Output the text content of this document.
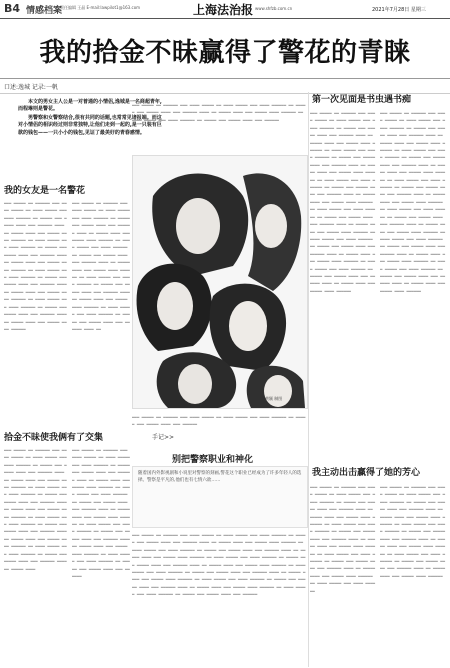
B4 情感档案
责任编辑 王晶 E-mail:lawpilot1@163.com	上海法治报 www.shfzb.com.cn	2021年7月28日 星期三
我的拾金不昧赢得了警花的青睐
口述:逸城 记录:一帆

本文的男女主人公是一对普通的小情侣,逸城是一名商超青年,而程琳则是警花。

男警察和女警察结合,很有共同的话题,也常常见诸报端。而这对小情侣的相识经过则非常独特,让他们走到一起的,是一只装有巨款的钱包——一只小小的钱包,见证了最美好的青春感情。

我的女友是一名警花
▂▂▂ ▂▂▂▂▂ ▂▂ ▂▂▂▂▂▂ ▂▂▂ ▂▂▂▂ ▂▂▂▂▂ ▂▂ ▂▂▂▂ ▂▂▂▂▂ ▂▂▂ ▂▂▂▂ ▂▂▂▂▂▂ ▂▂ ▂▂▂▂▂ ▂▂▂ ▂▂▂▂▂ ▂▂▂▂ ▂▂▂ ▂▂▂▂▂▂ ▂▂▂▂ ▂▂ ▂▂▂▂▂ ▂▂▂▂ ▂▂▂ ▂▂▂▂▂ ▂▂▂▂ ▂▂▂▂▂▂ ▂▂ ▂▂▂▂ ▂▂▂▂▂ ▂▂▂ ▂▂▂▂ ▂▂▂▂▂▂ ▂▂ ▂▂▂▂▂ ▂▂▂ ▂▂▂▂▂ ▂▂▂▂ ▂▂▂ ▂▂▂▂▂▂ ▂▂▂▂ ▂▂ ▂▂▂▂▂ ▂▂▂▂ ▂▂▂ ▂▂▂▂▂ ▂▂▂▂ ▂▂▂▂▂▂ ▂▂ ▂▂▂▂ ▂▂▂▂▂ ▂▂▂ ▂▂▂▂ ▂▂▂▂▂▂ ▂▂ ▂▂▂▂▂ ▂▂▂ ▂▂▂▂▂ ▂▂▂▂ ▂▂▂ ▂▂▂▂▂▂ ▂▂▂▂ ▂▂ ▂▂▂▂▂ ▂▂▂▂ ▂▂▂ ▂▂▂▂▂ ▂▂▂▂ ▂▂▂▂▂▂ ▂▂ ▂▂▂▂ ▂▂▂▂▂ ▂▂▂ ▂▂▂▂ ▂▂▂▂▂▂ ▂▂ ▂▂▂▂▂ ▂▂▂ ▂▂▂▂▂ ▂▂▂▂ ▂▂▂ ▂▂▂▂▂▂ ▂▂▂▂ ▂▂ ▂▂▂▂▂ ▂▂▂▂ ▂▂▂ ▂▂▂▂▂ ▂▂▂▂ ▂▂▂▂▂▂
▂▂▂ ▂▂▂▂▂ ▂▂ ▂▂▂▂▂▂ ▂▂▂ ▂▂▂▂ ▂▂▂▂▂ ▂▂ ▂▂▂▂ ▂▂▂▂▂ ▂▂▂ ▂▂▂▂ ▂▂▂▂▂▂ ▂▂ ▂▂▂▂▂ ▂▂▂ ▂▂▂▂▂ ▂▂▂▂ ▂▂▂ ▂▂▂▂▂▂ ▂▂▂▂ ▂▂ ▂▂▂▂▂ ▂▂▂▂ ▂▂▂ ▂▂▂▂▂ ▂▂▂▂ ▂▂▂▂▂▂ ▂▂ ▂▂▂▂ ▂▂▂▂▂ ▂▂▂ ▂▂▂▂ ▂▂▂▂▂▂ ▂▂ ▂▂▂▂▂ ▂▂▂ ▂▂▂▂▂ ▂▂▂▂ ▂▂▂ ▂▂▂▂▂▂ ▂▂▂▂ ▂▂ ▂▂▂▂▂ ▂▂▂▂ ▂▂▂ ▂▂▂▂▂ ▂▂▂▂ ▂▂▂▂▂▂ ▂▂ ▂▂▂▂ ▂▂▂▂▂ ▂▂▂ ▂▂▂▂ ▂▂▂▂▂▂ ▂▂ ▂▂▂▂▂ ▂▂▂ ▂▂▂▂▂ ▂▂▂▂ ▂▂▂ ▂▂▂▂▂▂ ▂▂▂▂ ▂▂ ▂▂▂▂▂ ▂▂▂▂ ▂▂▂ ▂▂▂▂▂ ▂▂▂▂ ▂▂▂▂▂▂ ▂▂ ▂▂▂▂ ▂▂▂▂▂ ▂▂▂ ▂▂▂▂ ▂▂▂▂▂▂ ▂▂ ▂▂▂▂▂ ▂▂▂ ▂▂▂▂▂ ▂▂▂▂ ▂▂▂ ▂▂▂▂▂▂ ▂▂▂▂ ▂▂
▂▂▂ ▂▂▂▂▂ ▂▂ ▂▂▂▂▂▂ ▂▂▂ ▂▂▂▂ ▂▂▂▂▂ ▂▂ ▂▂▂▂ ▂▂▂▂▂ ▂▂▂ ▂▂▂▂ ▂▂▂▂▂▂ ▂▂ ▂▂▂▂▂ ▂▂▂ ▂▂▂▂▂ ▂▂▂▂ ▂▂▂ ▂▂▂▂▂▂ ▂▂▂▂ ▂▂ ▂▂▂▂▂ ▂▂▂▂ ▂▂▂ ▂▂▂▂▂ ▂▂▂▂ ▂▂▂▂▂▂ ▂▂ ▂▂▂▂ ▂▂▂▂▂ ▂▂▂ ▂▂▂▂ ▂▂▂▂▂▂ ▂▂ ▂▂▂▂▂ ▂▂▂ ▂▂▂▂▂ ▂▂▂▂ ▂▂▂ ▂▂▂▂▂▂
拾金不昧使我俩有了交集
▂▂▂ ▂▂▂▂▂ ▂▂ ▂▂▂▂▂▂ ▂▂▂ ▂▂▂▂ ▂▂▂▂▂ ▂▂ ▂▂▂▂ ▂▂▂▂▂ ▂▂▂ ▂▂▂▂ ▂▂▂▂▂▂ ▂▂ ▂▂▂▂▂ ▂▂▂ ▂▂▂▂▂ ▂▂▂▂ ▂▂▂ ▂▂▂▂▂▂ ▂▂▂▂ ▂▂ ▂▂▂▂▂ ▂▂▂▂ ▂▂▂ ▂▂▂▂▂ ▂▂▂▂ ▂▂▂▂▂▂ ▂▂ ▂▂▂▂ ▂▂▂▂▂ ▂▂▂ ▂▂▂▂ ▂▂▂▂▂▂ ▂▂ ▂▂▂▂▂ ▂▂▂ ▂▂▂▂▂ ▂▂▂▂ ▂▂▂ ▂▂▂▂▂▂ ▂▂▂▂ ▂▂ ▂▂▂▂▂ ▂▂▂▂ ▂▂▂ ▂▂▂▂▂ ▂▂▂▂ ▂▂▂▂▂▂ ▂▂ ▂▂▂▂ ▂▂▂▂▂ ▂▂▂ ▂▂▂▂ ▂▂▂▂▂▂ ▂▂ ▂▂▂▂▂ ▂▂▂ ▂▂▂▂▂ ▂▂▂▂ ▂▂▂ ▂▂▂▂▂▂ ▂▂▂▂ ▂▂ ▂▂▂▂▂ ▂▂▂▂ ▂▂▂ ▂▂▂▂▂ ▂▂▂▂ ▂▂▂▂▂▂ ▂▂ ▂▂▂▂ ▂▂▂▂▂ ▂▂▂ ▂▂▂▂ ▂▂▂▂▂▂ ▂▂ ▂▂▂▂▂ ▂▂▂ ▂▂▂▂▂ ▂▂▂▂ ▂▂▂ ▂▂▂▂▂▂ ▂▂▂▂ ▂▂ ▂▂▂▂▂ ▂▂▂▂
▂▂▂ ▂▂▂▂▂ ▂▂ ▂▂▂▂▂▂ ▂▂▂ ▂▂▂▂ ▂▂▂▂▂ ▂▂ ▂▂▂▂ ▂▂▂▂▂ ▂▂▂ ▂▂▂▂ ▂▂▂▂▂▂ ▂▂ ▂▂▂▂▂ ▂▂▂ ▂▂▂▂▂ ▂▂▂▂ ▂▂▂ ▂▂▂▂▂▂ ▂▂▂▂ ▂▂ ▂▂▂▂▂ ▂▂▂▂ ▂▂▂ ▂▂▂▂▂ ▂▂▂▂ ▂▂▂▂▂▂ ▂▂ ▂▂▂▂ ▂▂▂▂▂ ▂▂▂ ▂▂▂▂ ▂▂▂▂▂▂ ▂▂ ▂▂▂▂▂ ▂▂▂ ▂▂▂▂▂ ▂▂▂▂ ▂▂▂ ▂▂▂▂▂▂ ▂▂▂▂ ▂▂ ▂▂▂▂▂ ▂▂▂▂ ▂▂▂ ▂▂▂▂▂ ▂▂▂▂ ▂▂▂▂▂▂ ▂▂ ▂▂▂▂ ▂▂▂▂▂ ▂▂▂ ▂▂▂▂ ▂▂▂▂▂▂ ▂▂ ▂▂▂▂▂ ▂▂▂ ▂▂▂▂▂ ▂▂▂▂ ▂▂▂ ▂▂▂▂▂▂ ▂▂▂▂ ▂▂ ▂▂▂▂▂ ▂▂▂▂ ▂▂▂ ▂▂▂▂▂ ▂▂▂▂ ▂▂▂▂▂▂ ▂▂ ▂▂▂▂ ▂▂▂▂▂ ▂▂▂ ▂▂▂▂ ▂▂▂▂▂▂ ▂▂ ▂▂▂▂▂ ▂▂▂ ▂▂▂▂▂ ▂▂▂▂ ▂▂▂ ▂▂▂▂▂▂
黄颖 制图
▂▂▂ ▂▂▂▂▂ ▂▂ ▂▂▂▂▂▂ ▂▂▂ ▂▂▂▂ ▂▂▂▂▂ ▂▂ ▂▂▂▂ ▂▂▂▂▂ ▂▂▂ ▂▂▂▂ ▂▂▂▂▂▂ ▂▂ ▂▂▂▂▂ ▂▂▂ ▂▂▂▂▂ ▂▂▂▂ ▂▂▂ ▂▂▂▂▂▂
手记>>
别把警察职业和神化
随着国内外影视剧和小说里对警察的刻画,警花这个职业已经成为了许多年轻人的选择。警察是平凡的,他们也有七情六欲……
▂▂▂ ▂▂▂▂▂ ▂▂ ▂▂▂▂▂▂ ▂▂▂ ▂▂▂▂ ▂▂▂▂▂ ▂▂ ▂▂▂▂ ▂▂▂▂▂ ▂▂▂ ▂▂▂▂ ▂▂▂▂▂▂ ▂▂ ▂▂▂▂▂ ▂▂▂ ▂▂▂▂▂ ▂▂▂▂ ▂▂▂ ▂▂▂▂▂▂ ▂▂▂▂ ▂▂ ▂▂▂▂▂ ▂▂▂▂ ▂▂▂ ▂▂▂▂▂ ▂▂▂▂ ▂▂▂▂▂▂ ▂▂ ▂▂▂▂ ▂▂▂▂▂ ▂▂▂ ▂▂▂▂ ▂▂▂▂▂▂ ▂▂ ▂▂▂▂▂ ▂▂▂ ▂▂▂▂▂ ▂▂▂▂ ▂▂▂ ▂▂▂▂▂▂ ▂▂▂▂ ▂▂ ▂▂▂▂▂ ▂▂▂▂ ▂▂▂ ▂▂▂▂▂ ▂▂▂▂ ▂▂▂▂▂▂ ▂▂ ▂▂▂▂ ▂▂▂▂▂ ▂▂▂ ▂▂▂▂ ▂▂▂▂▂▂ ▂▂ ▂▂▂▂▂ ▂▂▂ ▂▂▂▂▂ ▂▂▂▂ ▂▂▂ ▂▂▂▂▂▂ ▂▂▂▂ ▂▂ ▂▂▂▂▂ ▂▂▂▂ ▂▂▂ ▂▂▂▂▂ ▂▂▂▂ ▂▂▂▂▂▂ ▂▂ ▂▂▂▂ ▂▂▂▂▂ ▂▂▂ ▂▂▂▂ ▂▂▂▂▂▂ ▂▂ ▂▂▂▂▂ ▂▂▂ ▂▂▂▂▂ ▂▂▂▂ ▂▂▂ ▂▂▂▂▂▂ ▂▂▂▂ ▂▂ ▂▂▂▂▂ ▂▂▂▂ ▂▂▂ ▂▂▂▂▂ ▂▂▂▂ ▂▂▂▂▂▂ ▂▂ ▂▂▂▂ ▂▂▂▂▂ ▂▂▂ ▂▂▂▂ ▂▂▂▂▂▂ ▂▂ ▂▂▂▂▂ ▂▂▂ ▂▂▂▂▂ ▂▂▂▂ ▂▂▂ ▂▂▂▂▂▂ ▂▂▂▂ ▂▂ ▂▂▂▂▂ ▂▂▂▂ ▂▂▂ ▂▂▂▂▂ ▂▂▂▂ ▂▂▂▂▂▂ ▂▂ ▂▂▂▂ ▂▂▂▂▂ ▂▂▂ ▂▂▂▂ ▂▂▂▂▂▂ ▂▂ ▂▂▂▂▂ ▂▂▂ ▂▂▂▂▂ ▂▂▂▂ ▂▂▂ ▂▂▂▂▂▂
第一次见面是书虫遇书痴
▂▂▂ ▂▂▂▂▂ ▂▂ ▂▂▂▂▂▂ ▂▂▂ ▂▂▂▂ ▂▂▂▂▂ ▂▂ ▂▂▂▂ ▂▂▂▂▂ ▂▂▂ ▂▂▂▂ ▂▂▂▂▂▂ ▂▂ ▂▂▂▂▂ ▂▂▂ ▂▂▂▂▂ ▂▂▂▂ ▂▂▂ ▂▂▂▂▂▂ ▂▂▂▂ ▂▂ ▂▂▂▂▂ ▂▂▂▂ ▂▂▂ ▂▂▂▂▂ ▂▂▂▂ ▂▂▂▂▂▂ ▂▂ ▂▂▂▂ ▂▂▂▂▂ ▂▂▂ ▂▂▂▂ ▂▂▂▂▂▂ ▂▂ ▂▂▂▂▂ ▂▂▂ ▂▂▂▂▂ ▂▂▂▂ ▂▂▂ ▂▂▂▂▂▂ ▂▂▂▂ ▂▂ ▂▂▂▂▂ ▂▂▂▂ ▂▂▂ ▂▂▂▂▂ ▂▂▂▂ ▂▂▂▂▂▂ ▂▂ ▂▂▂▂ ▂▂▂▂▂ ▂▂▂ ▂▂▂▂ ▂▂▂▂▂▂ ▂▂ ▂▂▂▂▂ ▂▂▂ ▂▂▂▂▂ ▂▂▂▂ ▂▂▂ ▂▂▂▂▂▂ ▂▂▂▂ ▂▂ ▂▂▂▂▂ ▂▂▂▂ ▂▂▂ ▂▂▂▂▂ ▂▂▂▂ ▂▂▂▂▂▂ ▂▂ ▂▂▂▂ ▂▂▂▂▂ ▂▂▂ ▂▂▂▂ ▂▂▂▂▂▂ ▂▂ ▂▂▂▂▂ ▂▂▂ ▂▂▂▂▂ ▂▂▂▂ ▂▂▂ ▂▂▂▂▂▂ ▂▂▂▂ ▂▂ ▂▂▂▂▂ ▂▂▂▂ ▂▂▂ ▂▂▂▂▂ ▂▂▂▂ ▂▂▂▂▂▂ ▂▂ ▂▂▂▂ ▂▂▂▂▂ ▂▂▂ ▂▂▂▂ ▂▂▂▂▂▂ ▂▂ ▂▂▂▂▂ ▂▂▂ ▂▂▂▂▂ ▂▂▂▂ ▂▂▂ ▂▂▂▂▂▂ ▂▂▂▂ ▂▂ ▂▂▂▂▂ ▂▂▂▂ ▂▂▂ ▂▂▂▂▂ ▂▂▂▂ ▂▂▂▂▂▂ ▂▂ ▂▂▂▂ ▂▂▂▂▂ ▂▂▂ ▂▂▂▂ ▂▂▂▂▂▂ ▂▂ ▂▂▂▂▂ ▂▂▂ ▂▂▂▂▂ ▂▂▂▂ ▂▂▂ ▂▂▂▂▂▂ ▂▂▂▂ ▂▂ ▂▂▂▂▂ ▂▂▂▂ ▂▂▂ ▂▂▂▂▂ ▂▂▂▂ ▂▂▂▂▂▂
▂▂▂ ▂▂▂▂▂ ▂▂ ▂▂▂▂▂▂ ▂▂▂ ▂▂▂▂ ▂▂▂▂▂ ▂▂ ▂▂▂▂ ▂▂▂▂▂ ▂▂▂ ▂▂▂▂ ▂▂▂▂▂▂ ▂▂ ▂▂▂▂▂ ▂▂▂ ▂▂▂▂▂ ▂▂▂▂ ▂▂▂ ▂▂▂▂▂▂ ▂▂▂▂ ▂▂ ▂▂▂▂▂ ▂▂▂▂ ▂▂▂ ▂▂▂▂▂ ▂▂▂▂ ▂▂▂▂▂▂ ▂▂ ▂▂▂▂ ▂▂▂▂▂ ▂▂▂ ▂▂▂▂ ▂▂▂▂▂▂ ▂▂ ▂▂▂▂▂ ▂▂▂ ▂▂▂▂▂ ▂▂▂▂ ▂▂▂ ▂▂▂▂▂▂ ▂▂▂▂ ▂▂ ▂▂▂▂▂ ▂▂▂▂ ▂▂▂ ▂▂▂▂▂ ▂▂▂▂ ▂▂▂▂▂▂ ▂▂ ▂▂▂▂ ▂▂▂▂▂ ▂▂▂ ▂▂▂▂ ▂▂▂▂▂▂ ▂▂ ▂▂▂▂▂ ▂▂▂ ▂▂▂▂▂ ▂▂▂▂ ▂▂▂ ▂▂▂▂▂▂ ▂▂▂▂ ▂▂ ▂▂▂▂▂ ▂▂▂▂ ▂▂▂ ▂▂▂▂▂ ▂▂▂▂ ▂▂▂▂▂▂ ▂▂ ▂▂▂▂ ▂▂▂▂▂ ▂▂▂ ▂▂▂▂ ▂▂▂▂▂▂ ▂▂ ▂▂▂▂▂ ▂▂▂ ▂▂▂▂▂ ▂▂▂▂ ▂▂▂ ▂▂▂▂▂▂ ▂▂▂▂ ▂▂ ▂▂▂▂▂ ▂▂▂▂ ▂▂▂ ▂▂▂▂▂ ▂▂▂▂ ▂▂▂▂▂▂ ▂▂ ▂▂▂▂ ▂▂▂▂▂ ▂▂▂ ▂▂▂▂ ▂▂▂▂▂▂ ▂▂ ▂▂▂▂▂ ▂▂▂ ▂▂▂▂▂ ▂▂▂▂ ▂▂▂ ▂▂▂▂▂▂ ▂▂▂▂ ▂▂ ▂▂▂▂▂ ▂▂▂▂ ▂▂▂ ▂▂▂▂▂ ▂▂▂▂ ▂▂▂▂▂▂ ▂▂ ▂▂▂▂ ▂▂▂▂▂ ▂▂▂ ▂▂▂▂ ▂▂▂▂▂▂ ▂▂ ▂▂▂▂▂ ▂▂▂ ▂▂▂▂▂ ▂▂▂▂ ▂▂▂ ▂▂▂▂▂▂ ▂▂▂▂ ▂▂ ▂▂▂▂▂ ▂▂▂▂ ▂▂▂ ▂▂▂▂▂ ▂▂▂▂ ▂▂▂▂▂▂
我主动出击赢得了她的芳心
▂▂▂ ▂▂▂▂▂ ▂▂ ▂▂▂▂▂▂ ▂▂▂ ▂▂▂▂ ▂▂▂▂▂ ▂▂ ▂▂▂▂ ▂▂▂▂▂ ▂▂▂ ▂▂▂▂ ▂▂▂▂▂▂ ▂▂ ▂▂▂▂▂ ▂▂▂ ▂▂▂▂▂ ▂▂▂▂ ▂▂▂ ▂▂▂▂▂▂ ▂▂▂▂ ▂▂ ▂▂▂▂▂ ▂▂▂▂ ▂▂▂ ▂▂▂▂▂ ▂▂▂▂ ▂▂▂▂▂▂ ▂▂ ▂▂▂▂ ▂▂▂▂▂ ▂▂▂ ▂▂▂▂ ▂▂▂▂▂▂ ▂▂ ▂▂▂▂▂ ▂▂▂ ▂▂▂▂▂ ▂▂▂▂ ▂▂▂ ▂▂▂▂▂▂ ▂▂▂▂ ▂▂ ▂▂▂▂▂ ▂▂▂▂ ▂▂▂ ▂▂▂▂▂ ▂▂▂▂ ▂▂▂▂▂▂ ▂▂ ▂▂▂▂ ▂▂▂▂▂ ▂▂▂ ▂▂▂▂ ▂▂▂▂▂▂ ▂▂ ▂▂▂▂▂ ▂▂▂ ▂▂▂▂▂ ▂▂▂▂ ▂▂▂ ▂▂▂▂▂▂ ▂▂▂▂ ▂▂ ▂▂▂▂▂ ▂▂▂▂ ▂▂▂ ▂▂▂▂▂ ▂▂▂▂ ▂▂▂▂▂▂ ▂▂ ▂▂▂▂ ▂▂▂▂▂ ▂▂▂ ▂▂▂▂ ▂▂▂▂▂▂
▂▂▂ ▂▂▂▂▂ ▂▂ ▂▂▂▂▂▂ ▂▂▂ ▂▂▂▂ ▂▂▂▂▂ ▂▂ ▂▂▂▂ ▂▂▂▂▂ ▂▂▂ ▂▂▂▂ ▂▂▂▂▂▂ ▂▂ ▂▂▂▂▂ ▂▂▂ ▂▂▂▂▂ ▂▂▂▂ ▂▂▂ ▂▂▂▂▂▂ ▂▂▂▂ ▂▂ ▂▂▂▂▂ ▂▂▂▂ ▂▂▂ ▂▂▂▂▂ ▂▂▂▂ ▂▂▂▂▂▂ ▂▂ ▂▂▂▂ ▂▂▂▂▂ ▂▂▂ ▂▂▂▂ ▂▂▂▂▂▂ ▂▂ ▂▂▂▂▂ ▂▂▂ ▂▂▂▂▂ ▂▂▂▂ ▂▂▂ ▂▂▂▂▂▂ ▂▂▂▂ ▂▂ ▂▂▂▂▂ ▂▂▂▂ ▂▂▂ ▂▂▂▂▂ ▂▂▂▂ ▂▂▂▂▂▂ ▂▂ ▂▂▂▂ ▂▂▂▂▂ ▂▂▂ ▂▂▂▂ ▂▂▂▂▂▂ ▂▂ ▂▂▂▂▂ ▂▂▂ ▂▂▂▂▂ ▂▂▂▂ ▂▂▂ ▂▂▂▂▂▂ ▂▂▂▂ ▂▂ ▂▂▂▂▂ ▂▂▂▂ ▂▂▂ ▂▂▂▂▂ ▂▂▂▂ ▂▂▂▂▂▂
